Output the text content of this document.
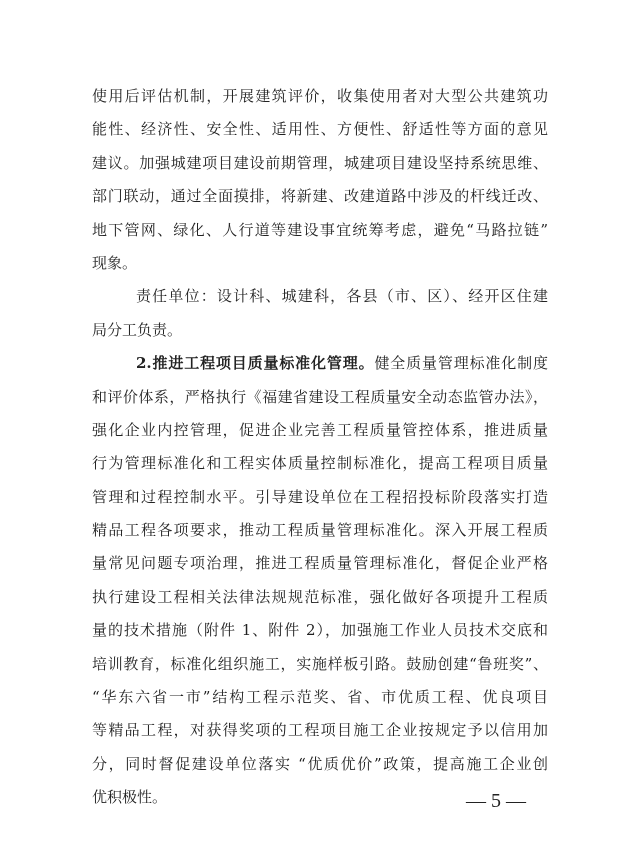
使用后评估机制，开展建筑评价，收集使用者对大型公共建筑功
能性、经济性、安全性、适用性、方便性、舒适性等方面的意见
建议。加强城建项目建设前期管理，城建项目建设坚持系统思维、
部门联动，通过全面摸排，将新建、改建道路中涉及的杆线迁改、
地下管网、绿化、人行道等建设事宜统筹考虑，避免“马路拉链”
现象。
责任单位：设计科、城建科，各县（市、区）、经开区住建
局分工负责。
2.推进工程项目质量标准化管理。健全质量管理标准化制度
和评价体系，严格执行《福建省建设工程质量安全动态监管办法》，
强化企业内控管理，促进企业完善工程质量管控体系，推进质量
行为管理标准化和工程实体质量控制标准化，提高工程项目质量
管理和过程控制水平。引导建设单位在工程招投标阶段落实打造
精品工程各项要求，推动工程质量管理标准化。深入开展工程质
量常见问题专项治理，推进工程质量管理标准化，督促企业严格
执行建设工程相关法律法规规范标准，强化做好各项提升工程质
量的技术措施（附件 1、附件 2），加强施工作业人员技术交底和
培训教育，标准化组织施工，实施样板引路。鼓励创建“鲁班奖”、
“华东六省一市”结构工程示范奖、省、市优质工程、优良项目
等精品工程，对获得奖项的工程项目施工企业按规定予以信用加
分，同时督促建设单位落实 “优质优价”政策，提高施工企业创
优积极性。	— 5 —
